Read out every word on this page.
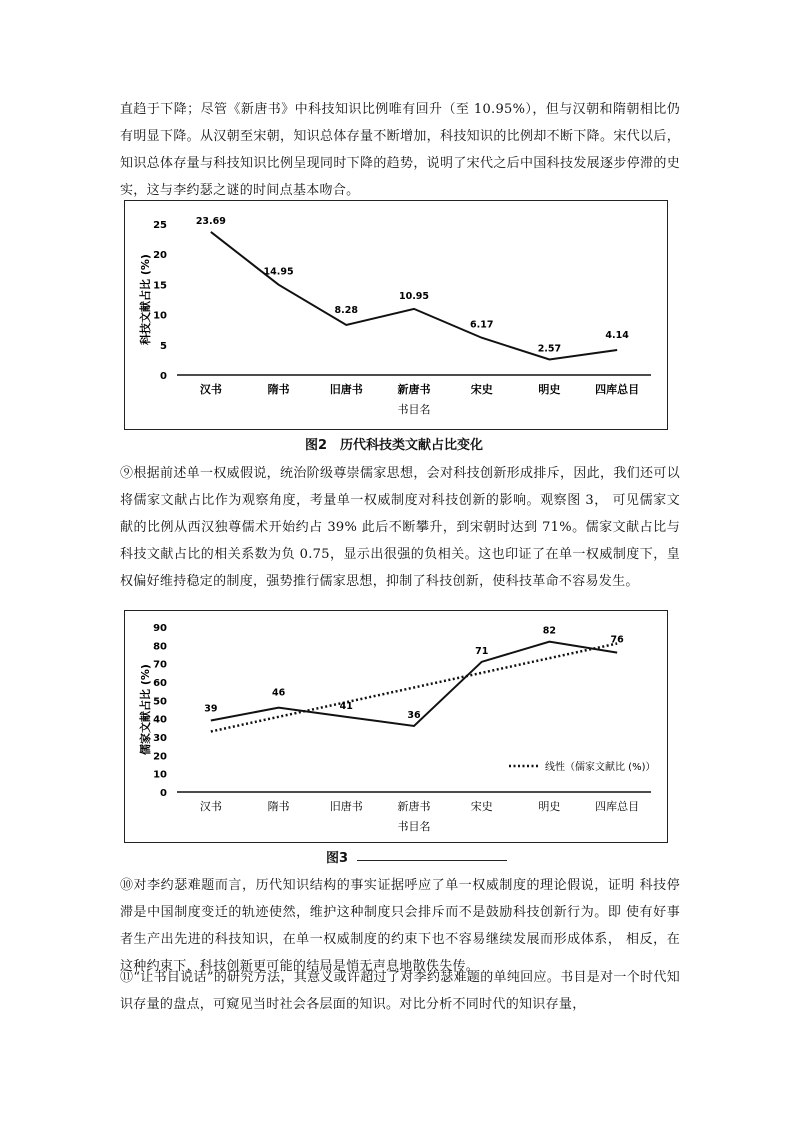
直趋于下降；尽管《新唐书》中科技知识比例唯有回升（至 10.95%），但与汉朝和隋朝相比仍有明显下降。从汉朝至宋朝，知识总体存量不断增加，科技知识的比例却不断下降。宋代以后，知识总体存量与科技知识比例呈现同时下降的趋势，说明了宋代之后中国科技发展逐步停滞的史实，这与李约瑟之谜的时间点基本吻合。

0
5
10
15
20
25
汉书	隋书	旧唐书	新唐书	宋史	明史	四库总目
书目名
科技文献占比 (%)
23.69
14.95
8.28
10.95
6.17
2.57
4.14
图2　历代科技类文献占比变化

⑨根据前述单一权威假说，统治阶级尊崇儒家思想，会对科技创新形成排斥，因此，我们还可以将儒家文献占比作为观察角度，考量单一权威制度对科技创新的影响。观察图 3， 可见儒家文献的比例从西汉独尊儒术开始约占 39% 此后不断攀升，到宋朝时达到 71%。儒家文献占比与科技文献占比的相关系数为负 0.75，显示出很强的负相关。这也印证了在单一权威制度下，皇权偏好维持稳定的制度，强势推行儒家思想，抑制了科技创新，使科技革命不容易发生。

0
10
20
30
40
50
60
70
80
90
汉书	隋书	旧唐书	新唐书	宋史	明史	四库总目
书目名
儒家文献占比 (%)	39
46
41
36
71
82
76
线性（儒家文献比 (%)）
图3

⑩对李约瑟难题而言，历代知识结构的事实证据呼应了单一权威制度的理论假说，证明 科技停滞是中国制度变迁的轨迹使然，维护这种制度只会排斥而不是鼓励科技创新行为。即 使有好事者生产出先进的科技知识，在单一权威制度的约束下也不容易继续发展而形成体系， 相反，在这种约束下，科技创新更可能的结局是悄无声息地散佚失传。

⑪“让书目说话”的研究方法，其意义或许超过了对李约瑟难题的单纯回应。书目是对一个时代知识存量的盘点，可窥见当时社会各层面的知识。对比分析不同时代的知识存量，
